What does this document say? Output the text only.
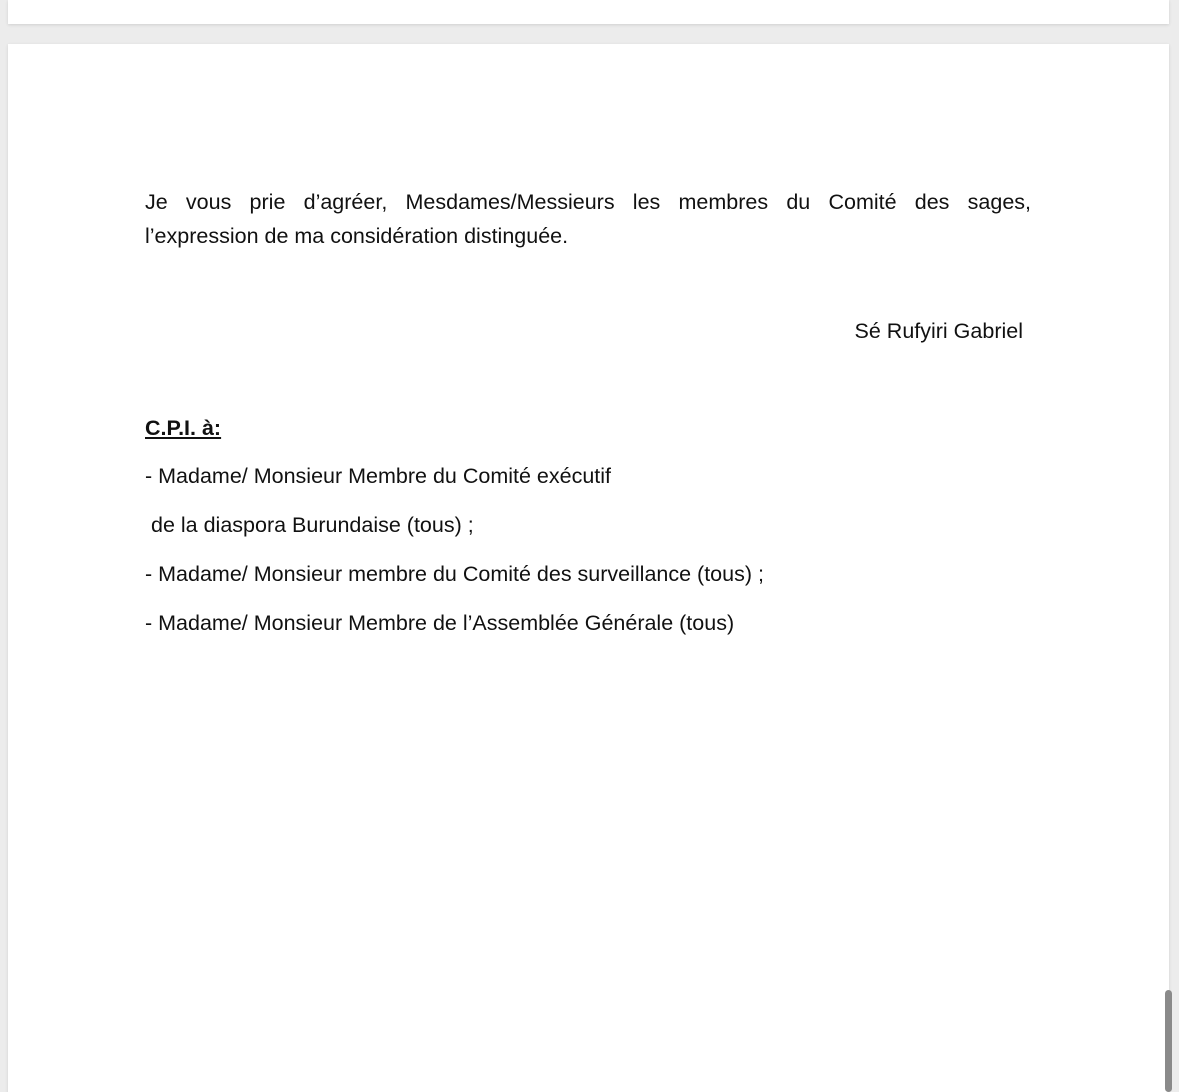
Je vous prie d’agréer, Mesdames/Messieurs les membres du Comité des sages,
l’expression de ma considération distinguée.
Sé Rufyiri Gabriel
C.P.I. à:
- Madame/ Monsieur Membre du Comité exécutif
de la diaspora Burundaise (tous) ;
- Madame/ Monsieur membre du Comité des surveillance (tous) ;
- Madame/ Monsieur Membre de l’Assemblée Générale (tous)
